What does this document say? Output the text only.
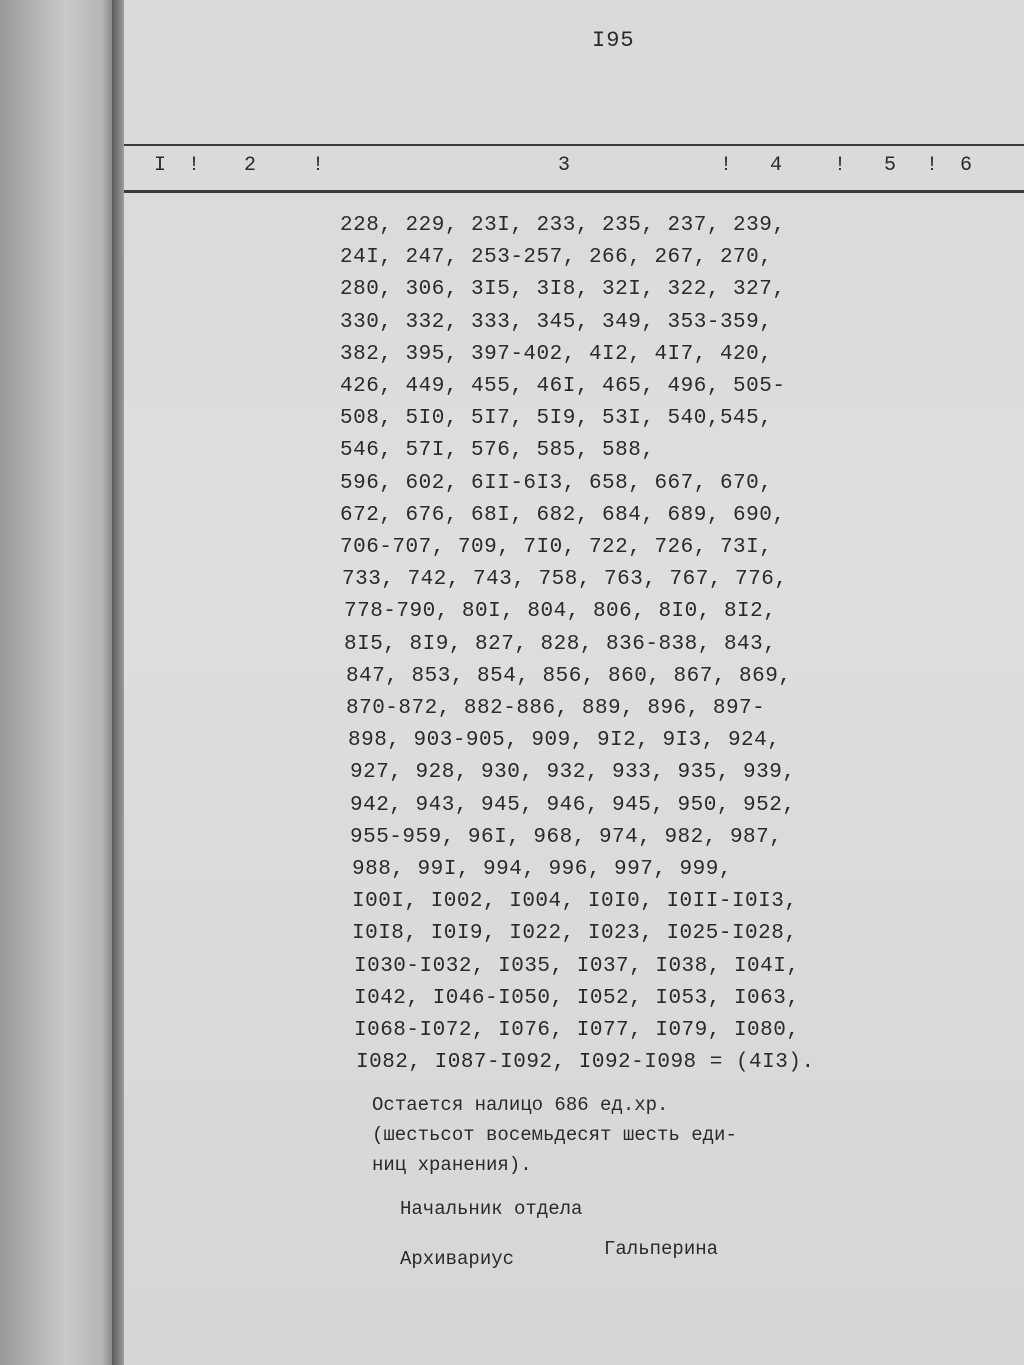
I95
I ! 2	!	3	! 4	! 5 ! 6
228, 229, 23I, 233, 235, 237, 239,
24I, 247, 253-257, 266, 267, 270,
280, 306, 3I5, 3I8, 32I, 322, 327,
330, 332, 333, 345, 349, 353-359,
382, 395, 397-402, 4I2, 4I7, 420,
426, 449, 455, 46I, 465, 496, 505-
508, 5I0, 5I7, 5I9, 53I, 540,545,
546, 57I, 576, 585, 588,
596, 602, 6II-6I3, 658, 667, 670,
672, 676, 68I, 682, 684, 689, 690,
706-707, 709, 7I0, 722, 726, 73I,
733, 742, 743, 758, 763, 767, 776,
778-790, 80I, 804, 806, 8I0, 8I2,
8I5, 8I9, 827, 828, 836-838, 843,
847, 853, 854, 856, 860, 867, 869,
870-872, 882-886, 889, 896, 897-
898, 903-905, 909, 9I2, 9I3, 924,
927, 928, 930, 932, 933, 935, 939,
942, 943, 945, 946, 945, 950, 952,
955-959, 96I, 968, 974, 982, 987,
988, 99I, 994, 996, 997, 999,
I00I, I002, I004, I0I0, I0II-I0I3,
I0I8, I0I9, I022, I023, I025-I028,
I030-I032, I035, I037, I038, I04I,
I042, I046-I050, I052, I053, I063,
I068-I072, I076, I077, I079, I080,
I082, I087-I092, I092-I098 = (4I3).
Остается налицо 686 ед.хр.
(шестьсот восемьдесят шесть еди-
ниц хранения).
Начальник отдела
Архивариус	Гальперина
